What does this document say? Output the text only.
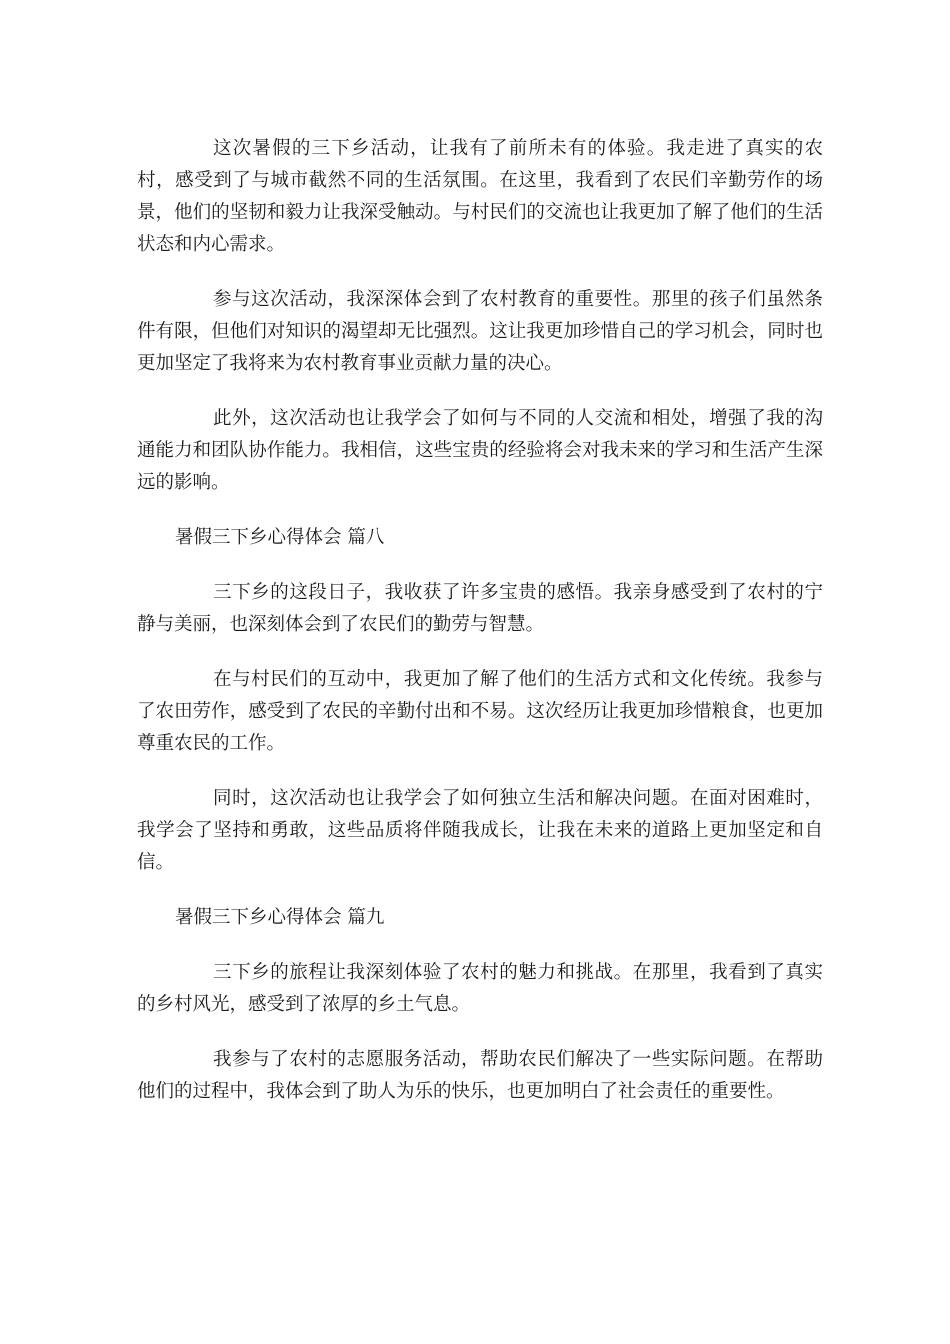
这次暑假的三下乡活动，让我有了前所未有的体验。我走进了真实的农村，感受到了与城市截然不同的生活氛围。在这里，我看到了农民们辛勤劳作的场景，他们的坚韧和毅力让我深受触动。与村民们的交流也让我更加了解了他们的生活状态和内心需求。

参与这次活动，我深深体会到了农村教育的重要性。那里的孩子们虽然条件有限，但他们对知识的渴望却无比强烈。这让我更加珍惜自己的学习机会，同时也更加坚定了我将来为农村教育事业贡献力量的决心。

此外，这次活动也让我学会了如何与不同的人交流和相处，增强了我的沟通能力和团队协作能力。我相信，这些宝贵的经验将会对我未来的学习和生活产生深远的影响。

暑假三下乡心得体会 篇八

三下乡的这段日子，我收获了许多宝贵的感悟。我亲身感受到了农村的宁静与美丽，也深刻体会到了农民们的勤劳与智慧。

在与村民们的互动中，我更加了解了他们的生活方式和文化传统。我参与了农田劳作，感受到了农民的辛勤付出和不易。这次经历让我更加珍惜粮食，也更加尊重农民的工作。

同时，这次活动也让我学会了如何独立生活和解决问题。在面对困难时，我学会了坚持和勇敢，这些品质将伴随我成长，让我在未来的道路上更加坚定和自信。

暑假三下乡心得体会 篇九

三下乡的旅程让我深刻体验了农村的魅力和挑战。在那里，我看到了真实的乡村风光，感受到了浓厚的乡土气息。

我参与了农村的志愿服务活动，帮助农民们解决了一些实际问题。在帮助他们的过程中，我体会到了助人为乐的快乐，也更加明白了社会责任的重要性。
